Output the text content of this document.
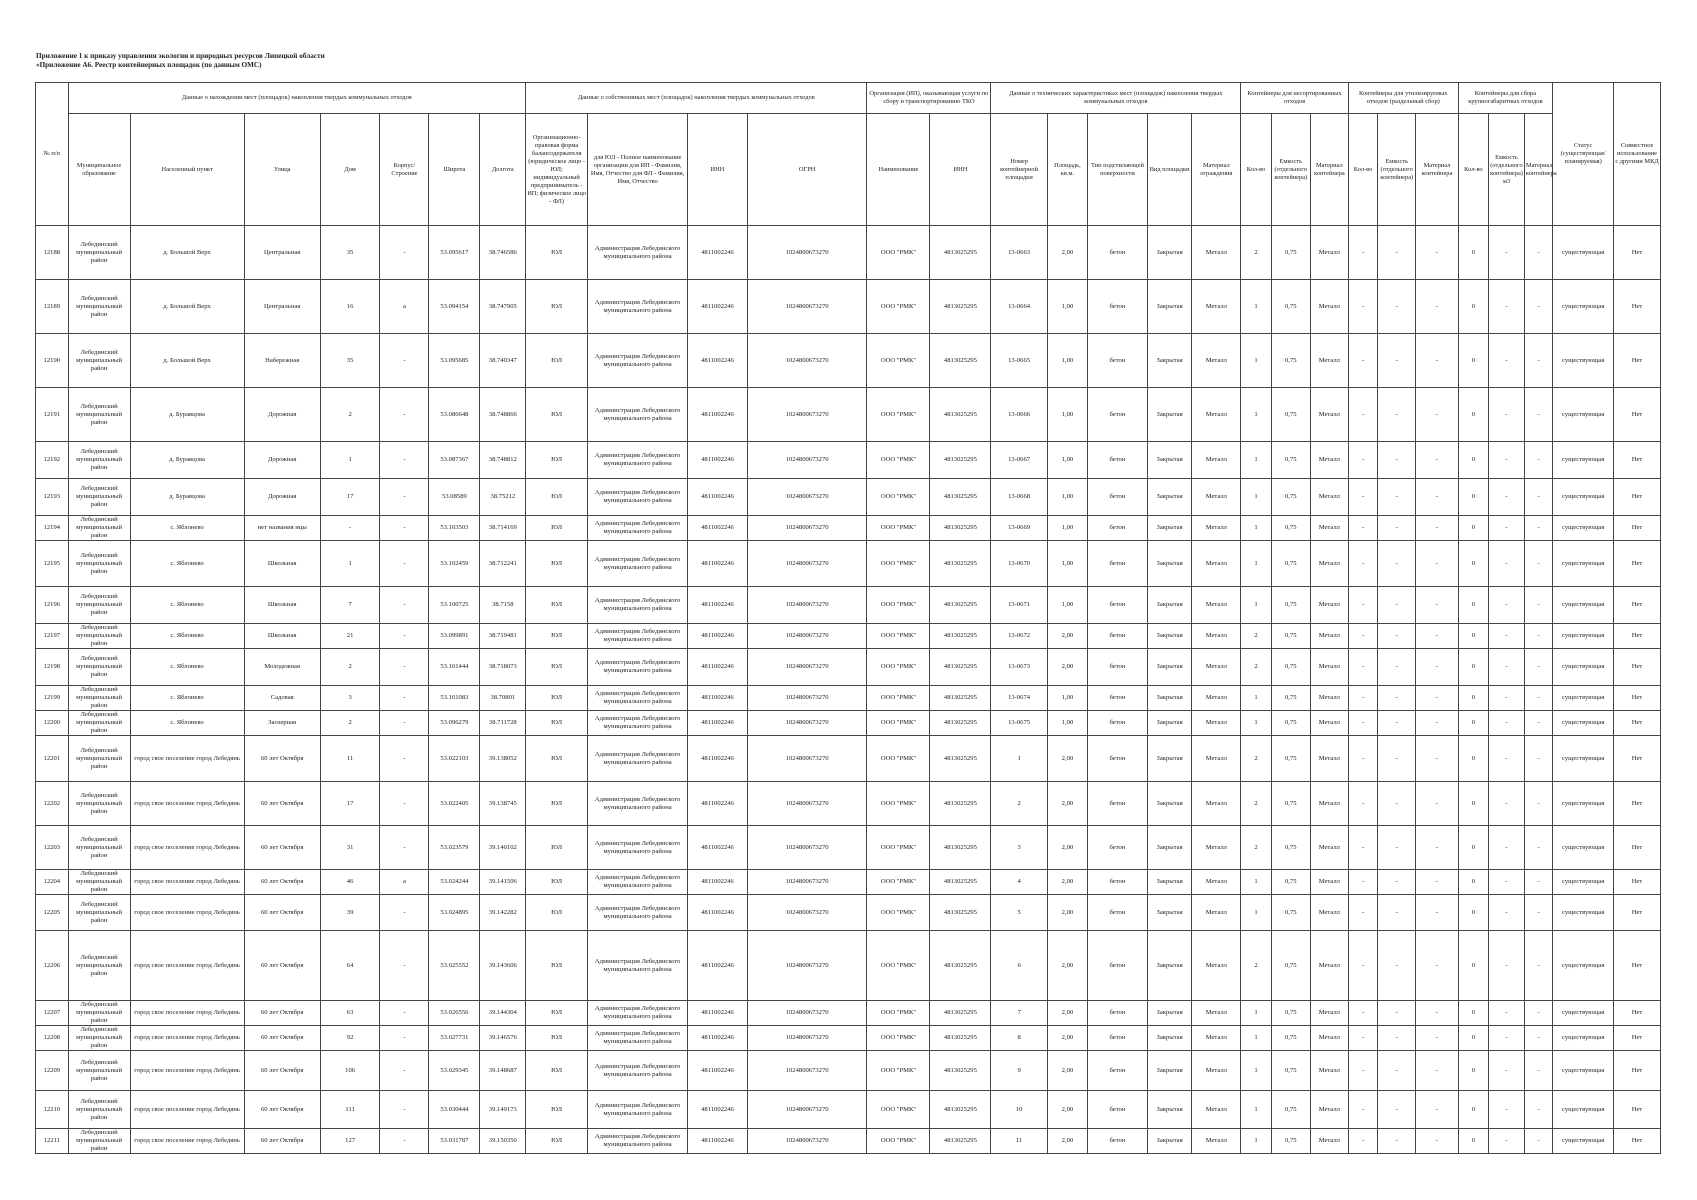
Приложение 1 к приказу управления экологии и природных ресурсов Липецкой области
«Приложение А6. Реестр контейнерных площадок (по данным ОМС)
№ п/п	Данные о нахождении мест (площадок) накопления твердых коммунальных отходов							Данные о собственниках мест (площадок) накопления твердых коммунальных отходов				Организация (ИП), оказывающая услуги по сбору и транспортированию ТКО		Данные о технических характеристиках мест (площадок) накопления твердых коммунальных отходов					Контейнеры для несортированных отходов			Контейнеры для утилизируемых отходов (раздельный сбор)			Контейнеры для сборa крупногабаритных отходов			Статус (существующая/планируемая)	Совместное использование с другими МКД
	Муниципальное образование	Населенный пункт	Улица	Дом	Корпус/Строение	Широта	Долгота	Организационно-правовая форма балансодержателя (юридическое лицо - ЮЛ; индивидуальный предприниматель - ИП; физическое лицо - ФЛ)	для ЮЛ - Полное наименование организации для ИП - Фамилия, Имя, Отчество для ФЛ - Фамилия, Имя, Отчество	ИНН	ОГРН	Наименование	ИНН	Номер контейнерной площадки	Площадь, кв.м.	Тип подстилающей поверхности	Вид площадки	Материал ограждения	Кол-во	Емкость (отдельного контейнера)	Материал контейнера	Кол-во	Емкость (отдельного контейнера)	Материал контейнера	Кол-во	Емкость (отдельного контейнера) м3	Материал контейнера		
12188	Лебединский муниципальный район	д. Большой Верх	Центральная	35	-	53.095617	38.746586	ЮЛ	Администрация Лебединского муниципального района	4811002246	1024800673270	ООО "РМК"	4813025295	13-0663	2,00	бетон	Закрытая	Металл	2	0,75	Металл	-	-	-	0	-	-	существующая	Нет
12189	Лебединский муниципальный район	д. Большой Верх	Центральная	16	а	53.094154	38.747905	ЮЛ	Администрация Лебединского муниципального района	4811002246	1024800673270	ООО "РМК"	4813025295	13-0664	1,00	бетон	Закрытая	Металл	1	0,75	Металл	-	-	-	0	-	-	существующая	Нет
12190	Лебединский муниципальный район	д. Большой Верх	Набережная	35	-	53.095685	38.740347	ЮЛ	Администрация Лебединского муниципального района	4811002246	1024800673270	ООО "РМК"	4813025295	13-0665	1,00	бетон	Закрытая	Металл	1	0,75	Металл	-	-	-	0	-	-	существующая	Нет
12191	Лебединский муниципальный район	д. Буравцова	Дорожная	2	-	53.086648	38.748866	ЮЛ	Администрация Лебединского муниципального района	4811002246	1024800673270	ООО "РМК"	4813025295	13-0666	1,00	бетон	Закрытая	Металл	1	0,75	Металл	-	-	-	0	-	-	существующая	Нет
12192	Лебединский муниципальный район	д. Буравцова	Дорожная	1	-	53.087367	38.748812	ЮЛ	Администрация Лебединского муниципального района	4811002246	1024800673270	ООО "РМК"	4813025295	13-0667	1,00	бетон	Закрытая	Металл	1	0,75	Металл	-	-	-	0	-	-	существующая	Нет
12193	Лебединский муниципальный район	д. Буравцова	Дорожная	17	-	53.08589	38.75212	ЮЛ	Администрация Лебединского муниципального района	4811002246	1024800673270	ООО "РМК"	4813025295	13-0668	1,00	бетон	Закрытая	Металл	1	0,75	Металл	-	-	-	0	-	-	существующая	Нет
12194	Лебединский муниципальный район	с. Яблонево	нет названия ицы	-	-	53.103503	38.714169	ЮЛ	Администрация Лебединского муниципального района	4811002246	1024800673270	ООО "РМК"	4813025295	13-0669	1,00	бетон	Закрытая	Металл	1	0,75	Металл	-	-	-	0	-	-	существующая	Нет
12195	Лебединский муниципальный район	с. Яблонево	Школьная	1	-	53.102459	38.712241	ЮЛ	Администрация Лебединского муниципального района	4811002246	1024800673270	ООО "РМК"	4813025295	13-0670	1,00	бетон	Закрытая	Металл	1	0,75	Металл	-	-	-	0	-	-	существующая	Нет
12196	Лебединский муниципальный район	с. Яблонево	Школьная	7	-	53.100725	38.7158	ЮЛ	Администрация Лебединского муниципального района	4811002246	1024800673270	ООО "РМК"	4813025295	13-0671	1,00	бетон	Закрытая	Металл	1	0,75	Металл	-	-	-	0	-	-	существующая	Нет
12197	Лебединский муниципальный район	с. Яблонево	Школьная	21	-	53.099891	38.719481	ЮЛ	Администрация Лебединского муниципального района	4811002246	1024800673270	ООО "РМК"	4813025295	13-0672	2,00	бетон	Закрытая	Металл	2	0,75	Металл	-	-	-	0	-	-	существующая	Нет
12198	Лебединский муниципальный район	с. Яблонево	Молодежная	2	-	53.101444	38.718073	ЮЛ	Администрация Лебединского муниципального района	4811002246	1024800673270	ООО "РМК"	4813025295	13-0673	2,00	бетон	Закрытая	Металл	2	0,75	Металл	-	-	-	0	-	-	существующая	Нет
12199	Лебединский муниципальный район	с. Яблонево	Садовая	3	-	53.101083	38.70801	ЮЛ	Администрация Лебединского муниципального района	4811002246	1024800673270	ООО "РМК"	4813025295	13-0674	1,00	бетон	Закрытая	Металл	1	0,75	Металл	-	-	-	0	-	-	существующая	Нет
12200	Лебединский муниципальный район	с. Яблонево	Заозерная	2	-	53.096279	38.711728	ЮЛ	Администрация Лебединского муниципального района	4811002246	1024800673270	ООО "РМК"	4813025295	13-0675	1,00	бетон	Закрытая	Металл	1	0,75	Металл	-	-	-	0	-	-	существующая	Нет
12201	Лебединский муниципальный район	город свое поселение город Лебедянь	60 лет Октября	11	-	53.022103	39.138052	ЮЛ	Администрация Лебединского муниципального района	4811002246	1024800673270	ООО "РМК"	4813025295	1	2,00	бетон	Закрытая	Металл	2	0,75	Металл	-	-	-	0	-	-	существующая	Нет
12202	Лебединский муниципальный район	город свое поселение город Лебедянь	60 лет Октября	17	-	53.022405	39.138745	ЮЛ	Администрация Лебединского муниципального района	4811002246	1024800673270	ООО "РМК"	4813025295	2	2,00	бетон	Закрытая	Металл	2	0,75	Металл	-	-	-	0	-	-	существующая	Нет
12203	Лебединский муниципальный район	город свое поселение город Лебедянь	60 лет Октября	31	-	53.023579	39.140102	ЮЛ	Администрация Лебединского муниципального района	4811002246	1024800673270	ООО "РМК"	4813025295	3	2,00	бетон	Закрытая	Металл	2	0,75	Металл	-	-	-	0	-	-	существующая	Нет
12204	Лебединский муниципальный район	город свое поселение город Лебедянь	60 лет Октября	46	а	53.024244	39.141506	ЮЛ	Администрация Лебединского муниципального района	4811002246	1024800673270	ООО "РМК"	4813025295	4	2,00	бетон	Закрытая	Металл	1	0,75	Металл	-	-	-	0	-	-	существующая	Нет
12205	Лебединский муниципальный район	город свое поселение город Лебедянь	60 лет Октября	39	-	53.024895	39.142282	ЮЛ	Администрация Лебединского муниципального района	4811002246	1024800673270	ООО "РМК"	4813025295	5	2,00	бетон	Закрытая	Металл	1	0,75	Металл	-	-	-	0	-	-	существующая	Нет
12206	Лебединский муниципальный район	город свое поселение город Лебедянь	60 лет Октября	64	-	53.025552	39.143606	ЮЛ	Администрация Лебединского муниципального района	4811002246	1024800673270	ООО "РМК"	4813025295	6	2,00	бетон	Закрытая	Металл	2	0,75	Металл	-	-	-	0	-	-	существующая	Нет
12207	Лебединский муниципальный район	город свое поселение город Лебедянь	60 лет Октября	63	-	53.026556	39.144304	ЮЛ	Администрация Лебединского муниципального района	4811002246	1024800673270	ООО "РМК"	4813025295	7	2,00	бетон	Закрытая	Металл	1	0,75	Металл	-	-	-	0	-	-	существующая	Нет
12208	Лебединский муниципальный район	город свое поселение город Лебедянь	60 лет Октября	92	-	53.027731	39.146576	ЮЛ	Администрация Лебединского муниципального района	4811002246	1024800673270	ООО "РМК"	4813025295	8	2,00	бетон	Закрытая	Металл	1	0,75	Металл	-	-	-	0	-	-	существующая	Нет
12209	Лебединский муниципальный район	город свое поселение город Лебедянь	60 лет Октября	106	-	53.029345	39.148687	ЮЛ	Администрация Лебединского муниципального района	4811002246	1024800673270	ООО "РМК"	4813025295	9	2,00	бетон	Закрытая	Металл	1	0,75	Металл	-	-	-	0	-	-	существующая	Нет
12210	Лебединский муниципальный район	город свое поселение город Лебедянь	60 лет Октября	111	-	53.030444	39.149173	ЮЛ	Администрация Лебединского муниципального района	4811002246	1024800673270	ООО "РМК"	4813025295	10	2,00	бетон	Закрытая	Металл	1	0,75	Металл	-	-	-	0	-	-	существующая	Нет
12211	Лебединский муниципальный район	город свое поселение город Лебедянь	60 лет Октября	127	-	53.031787	39.150350	ЮЛ	Администрация Лебединского муниципального района	4811002246	1024800673270	ООО "РМК"	4813025295	11	2,00	бетон	Закрытая	Металл	1	0,75	Металл	-	-	-	0	-	-	существующая	Нет
